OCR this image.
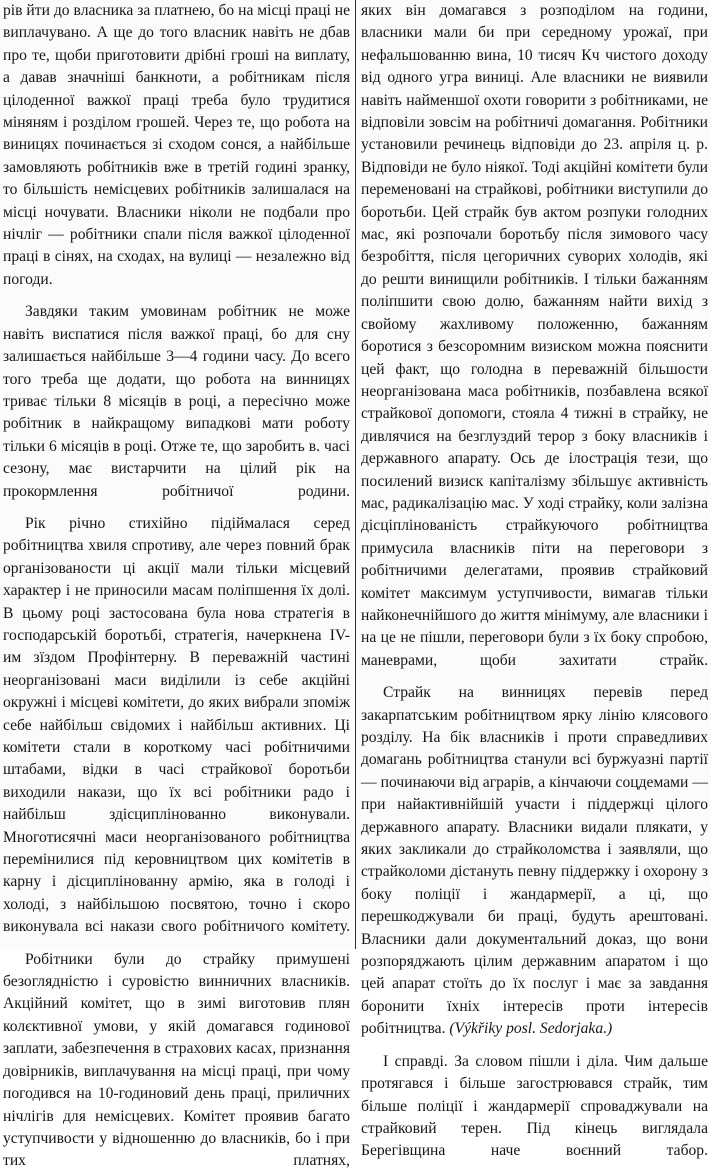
рів йти до власника за платнею, бо на місці праці не виплачувано. А ще до того власник навіть не дбав про те, щоби приготовити дрібні гроші на виплату, а давав значніші банкноти, а робітникам після цілоденної важкої праці треба було трудитися міняням і розділом грошей. Через те, що робота на виницях починається зі сходом сонся, а найбільше замовляють робітників вже в третій годині зранку, то більшість немісцевих робітників залишалася на місці ночувати. Власники ніколи не подбали про нічліг — робітники спали після важкої цілоденної праці в сінях, на сходах, на вулиці — незалежно від погоди.

Завдяки таким умовинам робітник не може навіть виспатися після важкої праці, бо для сну залишається найбільше 3—4 години часу. До всего того треба ще додати, що робота на винницях триває тільки 8 місяців в році, а пересічно може робітник в найкращому випадкові мати роботу тільки 6 місяців в році. Отже те, що заробить в. часі сезону, має вистарчити на цілий рік на прокормлення робітничої родини.

Рік річно стихійно підіймалася серед робітництва хвиля спротиву, але через повний брак організованости ці акції мали тільки місцевий характер і не приносили масам поліпшення їх долі. В цьому році застосована була нова стратегія в господарській боротьбі, стратегія, начеркнена IV-им зїздом Профінтерну. В переважній частині неорганізовані маси виділили із себе акційні окружні і місцеві комітети, до яких вибрали зпоміж себе найбільш свідомих і найбільш активних. Ці комітети стали в короткому часі робітничими штабами, відки в часі страйкової боротьби виходили накази, що їх всі робітники радо і найбільш здісциплінованно виконували. Многотисячні маси неорганізованого робітництва перемінилися під керовництвом цих комітетів в карну і дісциплінованну армію, яка в голоді і холоді, з найбільшою посвятою, точно і скоро виконувала всі накази свого робітничого комітету.

Робітники були до страйку примушені безоглядністю і суровістю винничних власників. Акційний комітет, що в зимі виготовив плян колєктивної умови, у якій домагався годинової заплати, забезпечення в страхових касах, признання довірників, виплачування на місці праці, при чому погодився на 10-годиновий день праці, приличних нічлігів для немісцевих. Комітет проявив багато уступчивости у відношенню до власників, бо і при тих платнях,

яких він домагався з розподілом на години, власники мали би при середному урожаї, при нефальшованню вина, 10 тисяч Кч чистого доходу від одного угра виниці. Але власники не виявили навіть найменшої охоти говорити з робітниками, не відповіли зовсім на робітничі домагання. Робітники установили речинець відповіди до 23. апріля ц. р. Відповіди не було ніякої. Тоді акційні комітети були переменовані на страйкові, робітники виступили до боротьби. Цей страйк був актом розпуки голодних мас, які розпочали боротьбу після зимового часу безробіття, після цегоричних суворих холодів, які до решти винищили робітників. І тільки бажанням поліпшити свою долю, бажанням найти вихід з свойому жахливому положенню, бажанням боротися з безсоромним визиском можна пояснити цей факт, що голодна в переважній більшости неорганізована маса робітників, позбавлена всякої страйкової допомоги, стояла 4 тижні в страйку, не дивлячися на безглуздий терор з боку власників і державного апарату. Ось де ілострація тези, що посилений визиск капіталізму збільшує активність мас, радикалізацію мас. У ході страйку, коли залізна дісціплінованість страйкуючого робітництва примусила власників піти на переговори з робітничими делегатами, проявив страйковий комітет максимум уступчивости, вимагав тільки найконечнійшого до життя мінімуму, але власники і на це не пішли, переговори були з їх боку спробою, маневрами, щоби захитати страйк.

Страйк на винницях перевів перед закарпатським робітництвом ярку лінію клясового розділу. На бік власників і проти справедливих домагань робітництва станули всі буржуазні партії — починаючи від аграрів, а кінчаючи соцдемами — при найактивнійшій участи і піддержці цілого державного апарату. Власники видали плякати, у яких закликали до страйколомства і заявляли, що страйколоми дістануть певну піддержку і охорону з боку поліції і жандармерії, а ці, що перешкоджували би праці, будуть арештовані. Власники дали документальний доказ, що вони розпоряджають цілим державним апаратом і що цей апарат стоїть до їх послуг і має за завдання боронити їхніх інтересів проти інтересів робітництва. (Výkřiky posl. Sedorjaka.)

І справді. За словом пішли і діла. Чим дальше протягався і більше загострювався страйк, тим більше поліції і жандармерії спроваджували на страйковий терен. Під кінець виглядала Берегівщина наче воєнний табор.
